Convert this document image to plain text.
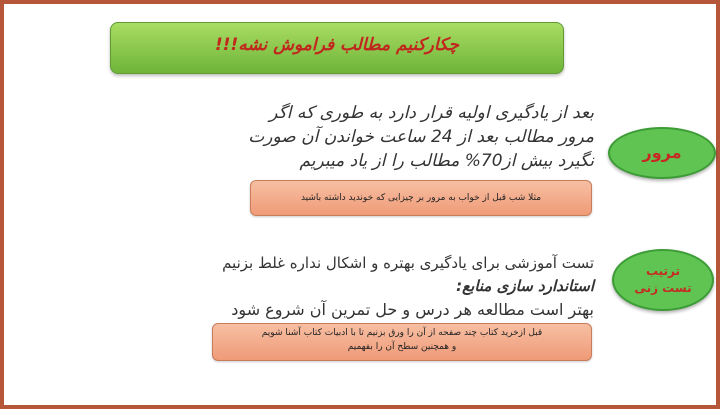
چکارکنیم مطالب فراموش نشه!!!
بعد از یادگیری اولیه قرار دارد به طوری که اگر
مرور مطالب بعد از 24 ساعت خواندن آن صورت
نگیرد بیش از70% مطالب را از یاد میبریم
مثلا شب قبل از خواب به مرور بر چیزایی که خوندید داشته باشید
مرور
تست آموزشی برای یادگیری بهتره و اشکال نداره غلط بزنیم
استاندارد سازی منابع:
بهتر است مطالعه هر درس و حل تمرین آن شروع شود
قبل ازخرید کتاب چند صفحه از آن را ورق بزنیم تا با ادبیات کتاب آشنا شویم
و همچنین سطح آن را بفهمیم
ترتیب
تست زنی
